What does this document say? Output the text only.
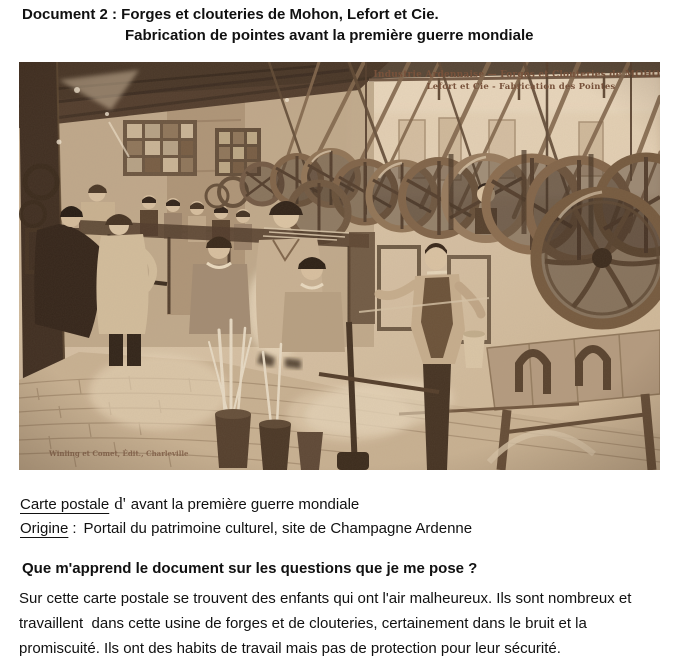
Document 2 : Forges et clouteries de Mohon, Lefort et Cie.
Fabrication de pointes avant la première guerre mondiale

Carte postale d' avant la première guerre mondiale

Origine : Portail du patrimoine culturel, site de Champagne Ardenne

Que m'apprend le document sur les questions que je me pose ?

Sur cette carte postale se trouvent des enfants qui ont l'air malheureux. Ils sont nombreux et travaillent  dans cette usine de forges et de clouteries, certainement dans le bruit et la promiscuité. Ils ont des habits de travail mais pas de protection pour leur sécurité.
